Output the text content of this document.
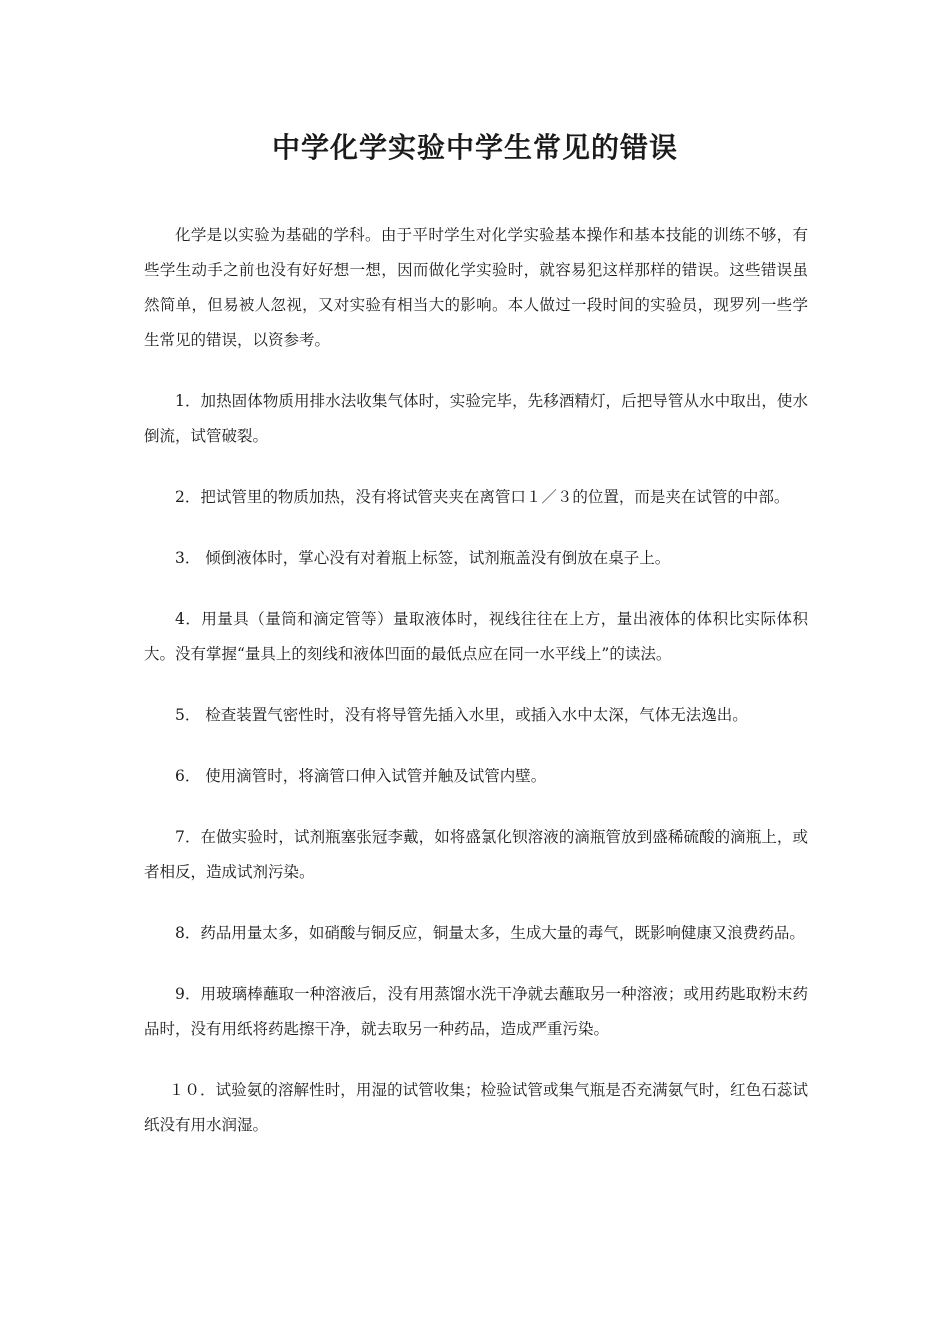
中学化学实验中学生常见的错误

化学是以实验为基础的学科。由于平时学生对化学实验基本操作和基本技能的训练不够，有些学生动手之前也没有好好想一想，因而做化学实验时，就容易犯这样那样的错误。这些错误虽然简单，但易被人忽视，又对实验有相当大的影响。本人做过一段时间的实验员，现罗列一些学生常见的错误，以资参考。

1．加热固体物质用排水法收集气体时，实验完毕，先移酒精灯，后把导管从水中取出，使水倒流，试管破裂。

2．把试管里的物质加热，没有将试管夹夹在离管口１／３的位置，而是夹在试管的中部。

3． 倾倒液体时，掌心没有对着瓶上标签，试剂瓶盖没有倒放在桌子上。

4．用量具（量筒和滴定管等）量取液体时，视线往往在上方，量出液体的体积比实际体积大。没有掌握“量具上的刻线和液体凹面的最低点应在同一水平线上”的读法。

5． 检查装置气密性时，没有将导管先插入水里，或插入水中太深，气体无法逸出。

6． 使用滴管时，将滴管口伸入试管并触及试管内壁。

7．在做实验时，试剂瓶塞张冠李戴，如将盛氯化钡溶液的滴瓶管放到盛稀硫酸的滴瓶上，或者相反，造成试剂污染。

8．药品用量太多，如硝酸与铜反应，铜量太多，生成大量的毒气，既影响健康又浪费药品。

9．用玻璃棒蘸取一种溶液后，没有用蒸馏水洗干净就去蘸取另一种溶液；或用药匙取粉末药品时，没有用纸将药匙擦干净，就去取另一种药品，造成严重污染。

１０．试验氨的溶解性时，用湿的试管收集；检验试管或集气瓶是否充满氨气时，红色石蕊试纸没有用水润湿。
